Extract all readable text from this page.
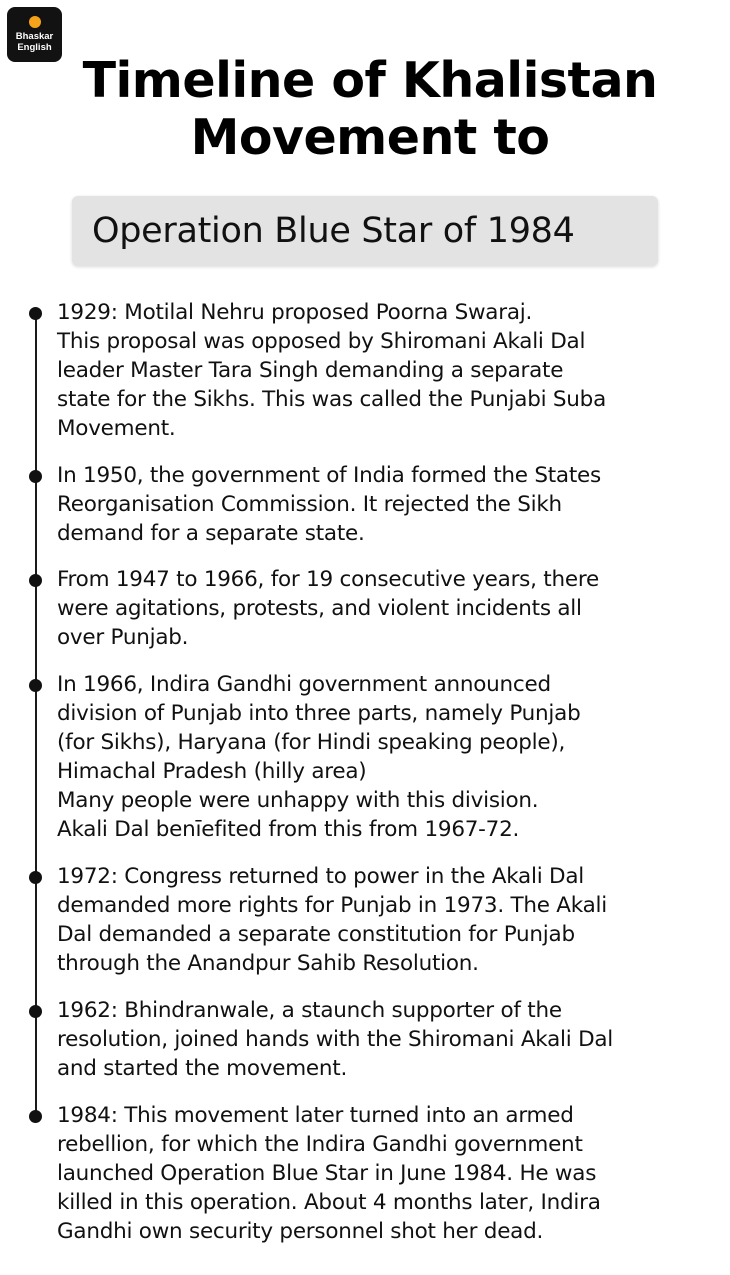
Bhaskar
English
Timeline of Khalistan
Movement to
Operation Blue Star of 1984
1929: Motilal Nehru proposed Poorna Swaraj.
This proposal was opposed by Shiromani Akali Dal
leader Master Tara Singh demanding a separate
state for the Sikhs. This was called the Punjabi Suba
Movement.
In 1950, the government of India formed the States
Reorganisation Commission. It rejected the Sikh
demand for a separate state.
From 1947 to 1966, for 19 consecutive years, there
were agitations, protests, and violent incidents all
over Punjab.
In 1966, Indira Gandhi government announced
division of Punjab into three parts, namely Punjab
(for Sikhs), Haryana (for Hindi speaking people),
Himachal Pradesh (hilly area)
Many people were unhappy with this division.
Akali Dal benīefited from this from 1967-72.
1972: Congress returned to power in the Akali Dal
demanded more rights for Punjab in 1973. The Akali
Dal demanded a separate constitution for Punjab
through the Anandpur Sahib Resolution.
1962: Bhindranwale, a staunch supporter of the
resolution, joined hands with the Shiromani Akali Dal
and started the movement.
1984: This movement later turned into an armed
rebellion, for which the Indira Gandhi government
launched Operation Blue Star in June 1984. He was
killed in this operation. About 4 months later, Indira
Gandhi own security personnel shot her dead.
